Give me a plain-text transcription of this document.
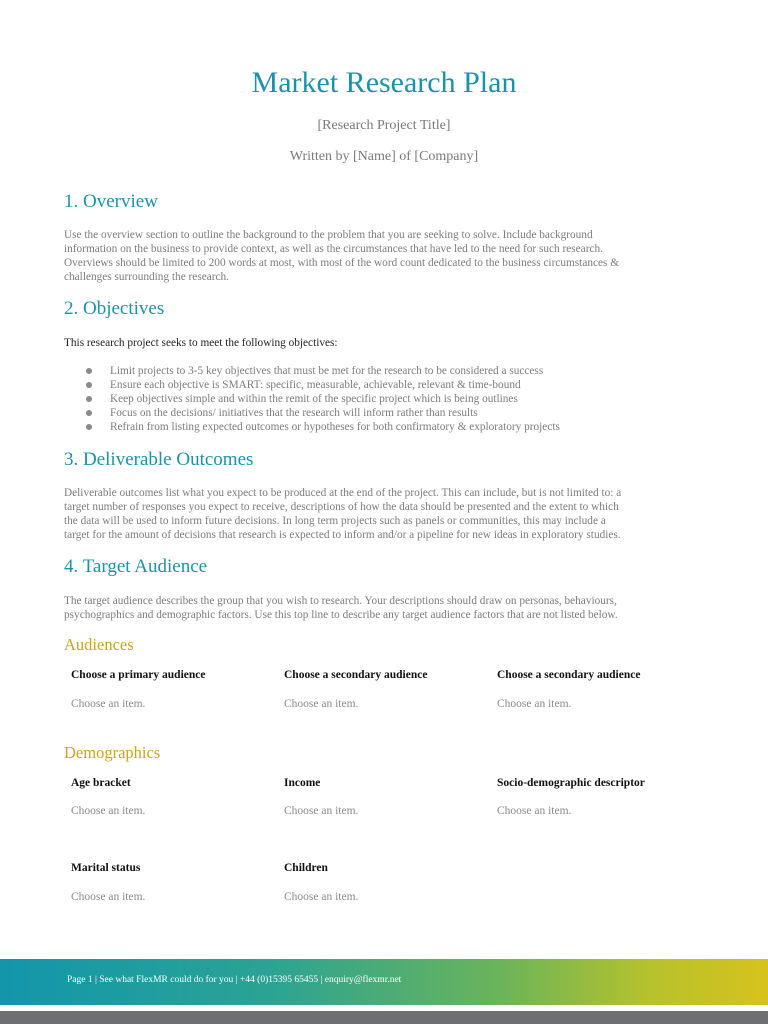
Market Research Plan
[Research Project Title]
Written by [Name] of [Company]
1. Overview
Use the overview section to outline the background to the problem that you are seeking to solve. Include background
information on the business to provide context, as well as the circumstances that have led to the need for such research.
Overviews should be limited to 200 words at most, with most of the word count dedicated to the business circumstances &
challenges surrounding the research.
2. Objectives

This research project seeks to meet the following objectives:

Limit projects to 3-5 key objectives that must be met for the research to be considered a success
Ensure each objective is SMART: specific, measurable, achievable, relevant & time-bound
Keep objectives simple and within the remit of the specific project which is being outlines
Focus on the decisions/ initiatives that the research will inform rather than results
Refrain from listing expected outcomes or hypotheses for both confirmatory & exploratory projects
3. Deliverable Outcomes
Deliverable outcomes list what you expect to be produced at the end of the project. This can include, but is not limited to: a
target number of responses you expect to receive, descriptions of how the data should be presented and the extent to which
the data will be used to inform future decisions. In long term projects such as panels or communities, this may include a
target for the amount of decisions that research is expected to inform and/or a pipeline for new ideas in exploratory studies.
4. Target Audience
The target audience describes the group that you wish to research. Your descriptions should draw on personas, behaviours,
psychographics and demographic factors. Use this top line to describe any target audience factors that are not listed below.
Audiences
Choose a primary audience
Choose an item.
Choose a secondary audience
Choose an item.
Choose a secondary audience
Choose an item.
Demographics
Age bracket
Choose an item.
Income
Choose an item.
Socio-demographic descriptor
Choose an item.
Marital status
Choose an item.
Children
Choose an item.
Page 1 | See what FlexMR could do for you | +44 (0)15395 65455 | enquiry@flexmr.net
